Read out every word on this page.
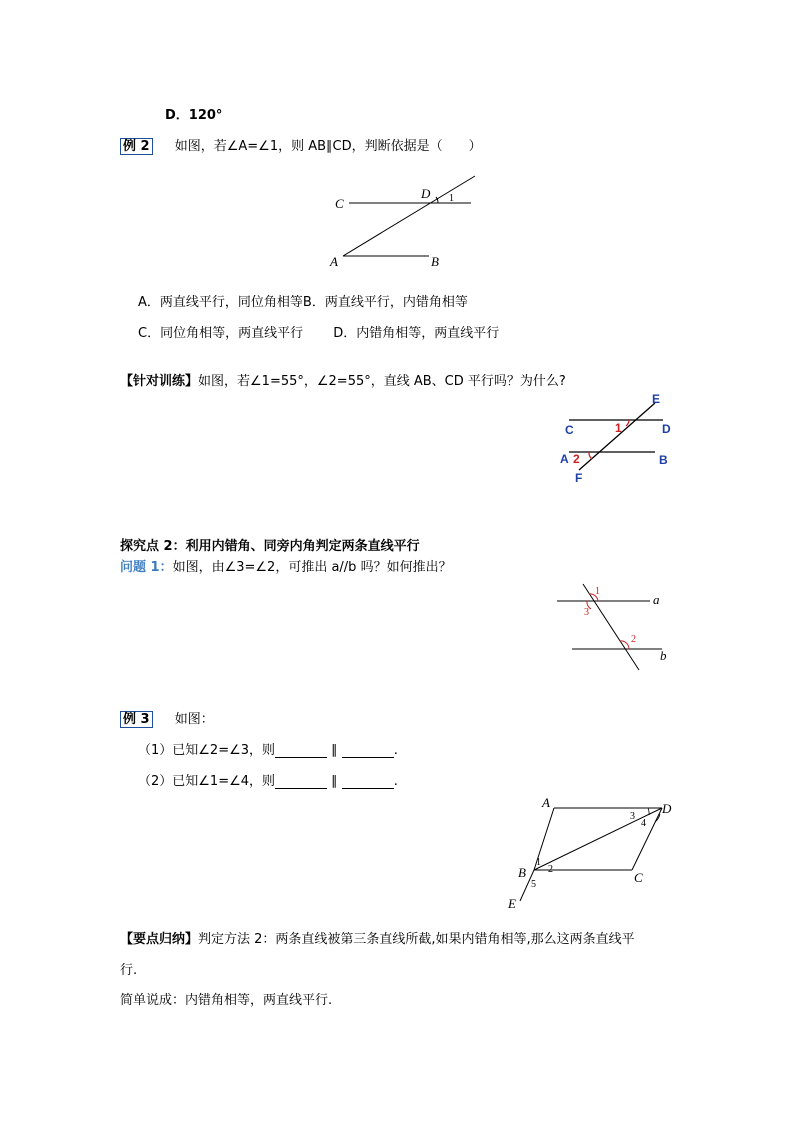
D．120°
例 2 如图，若∠A=∠1，则 AB∥CD，判断依据是（　　）
C
D 1
A	B
A．两直线平行，同位角相等B．两直线平行，内错角相等
C．同位角相等，两直线平行 D．内错角相等，两直线平行
【针对训练】如图，若∠1=55°，∠2=55°，直线 AB、CD 平行吗？为什么?
E
C	D
1
A 2	B
F
探究点 2：利用内错角、同旁内角判定两条直线平行
问题 1：如图，由∠3=∠2，可推出 a//b 吗？如何推出？
1
3
2
a
b
例 3 如图：
（1）已知∠2=∠3，则	∥	.
（2）已知∠1=∠4，则	∥	.
A	D
B	C
E
3
4
1
2
5
【要点归纳】判定方法 2：两条直线被第三条直线所截,如果内错角相等,那么这两条直线平
行.
简单说成：内错角相等，两直线平行.
